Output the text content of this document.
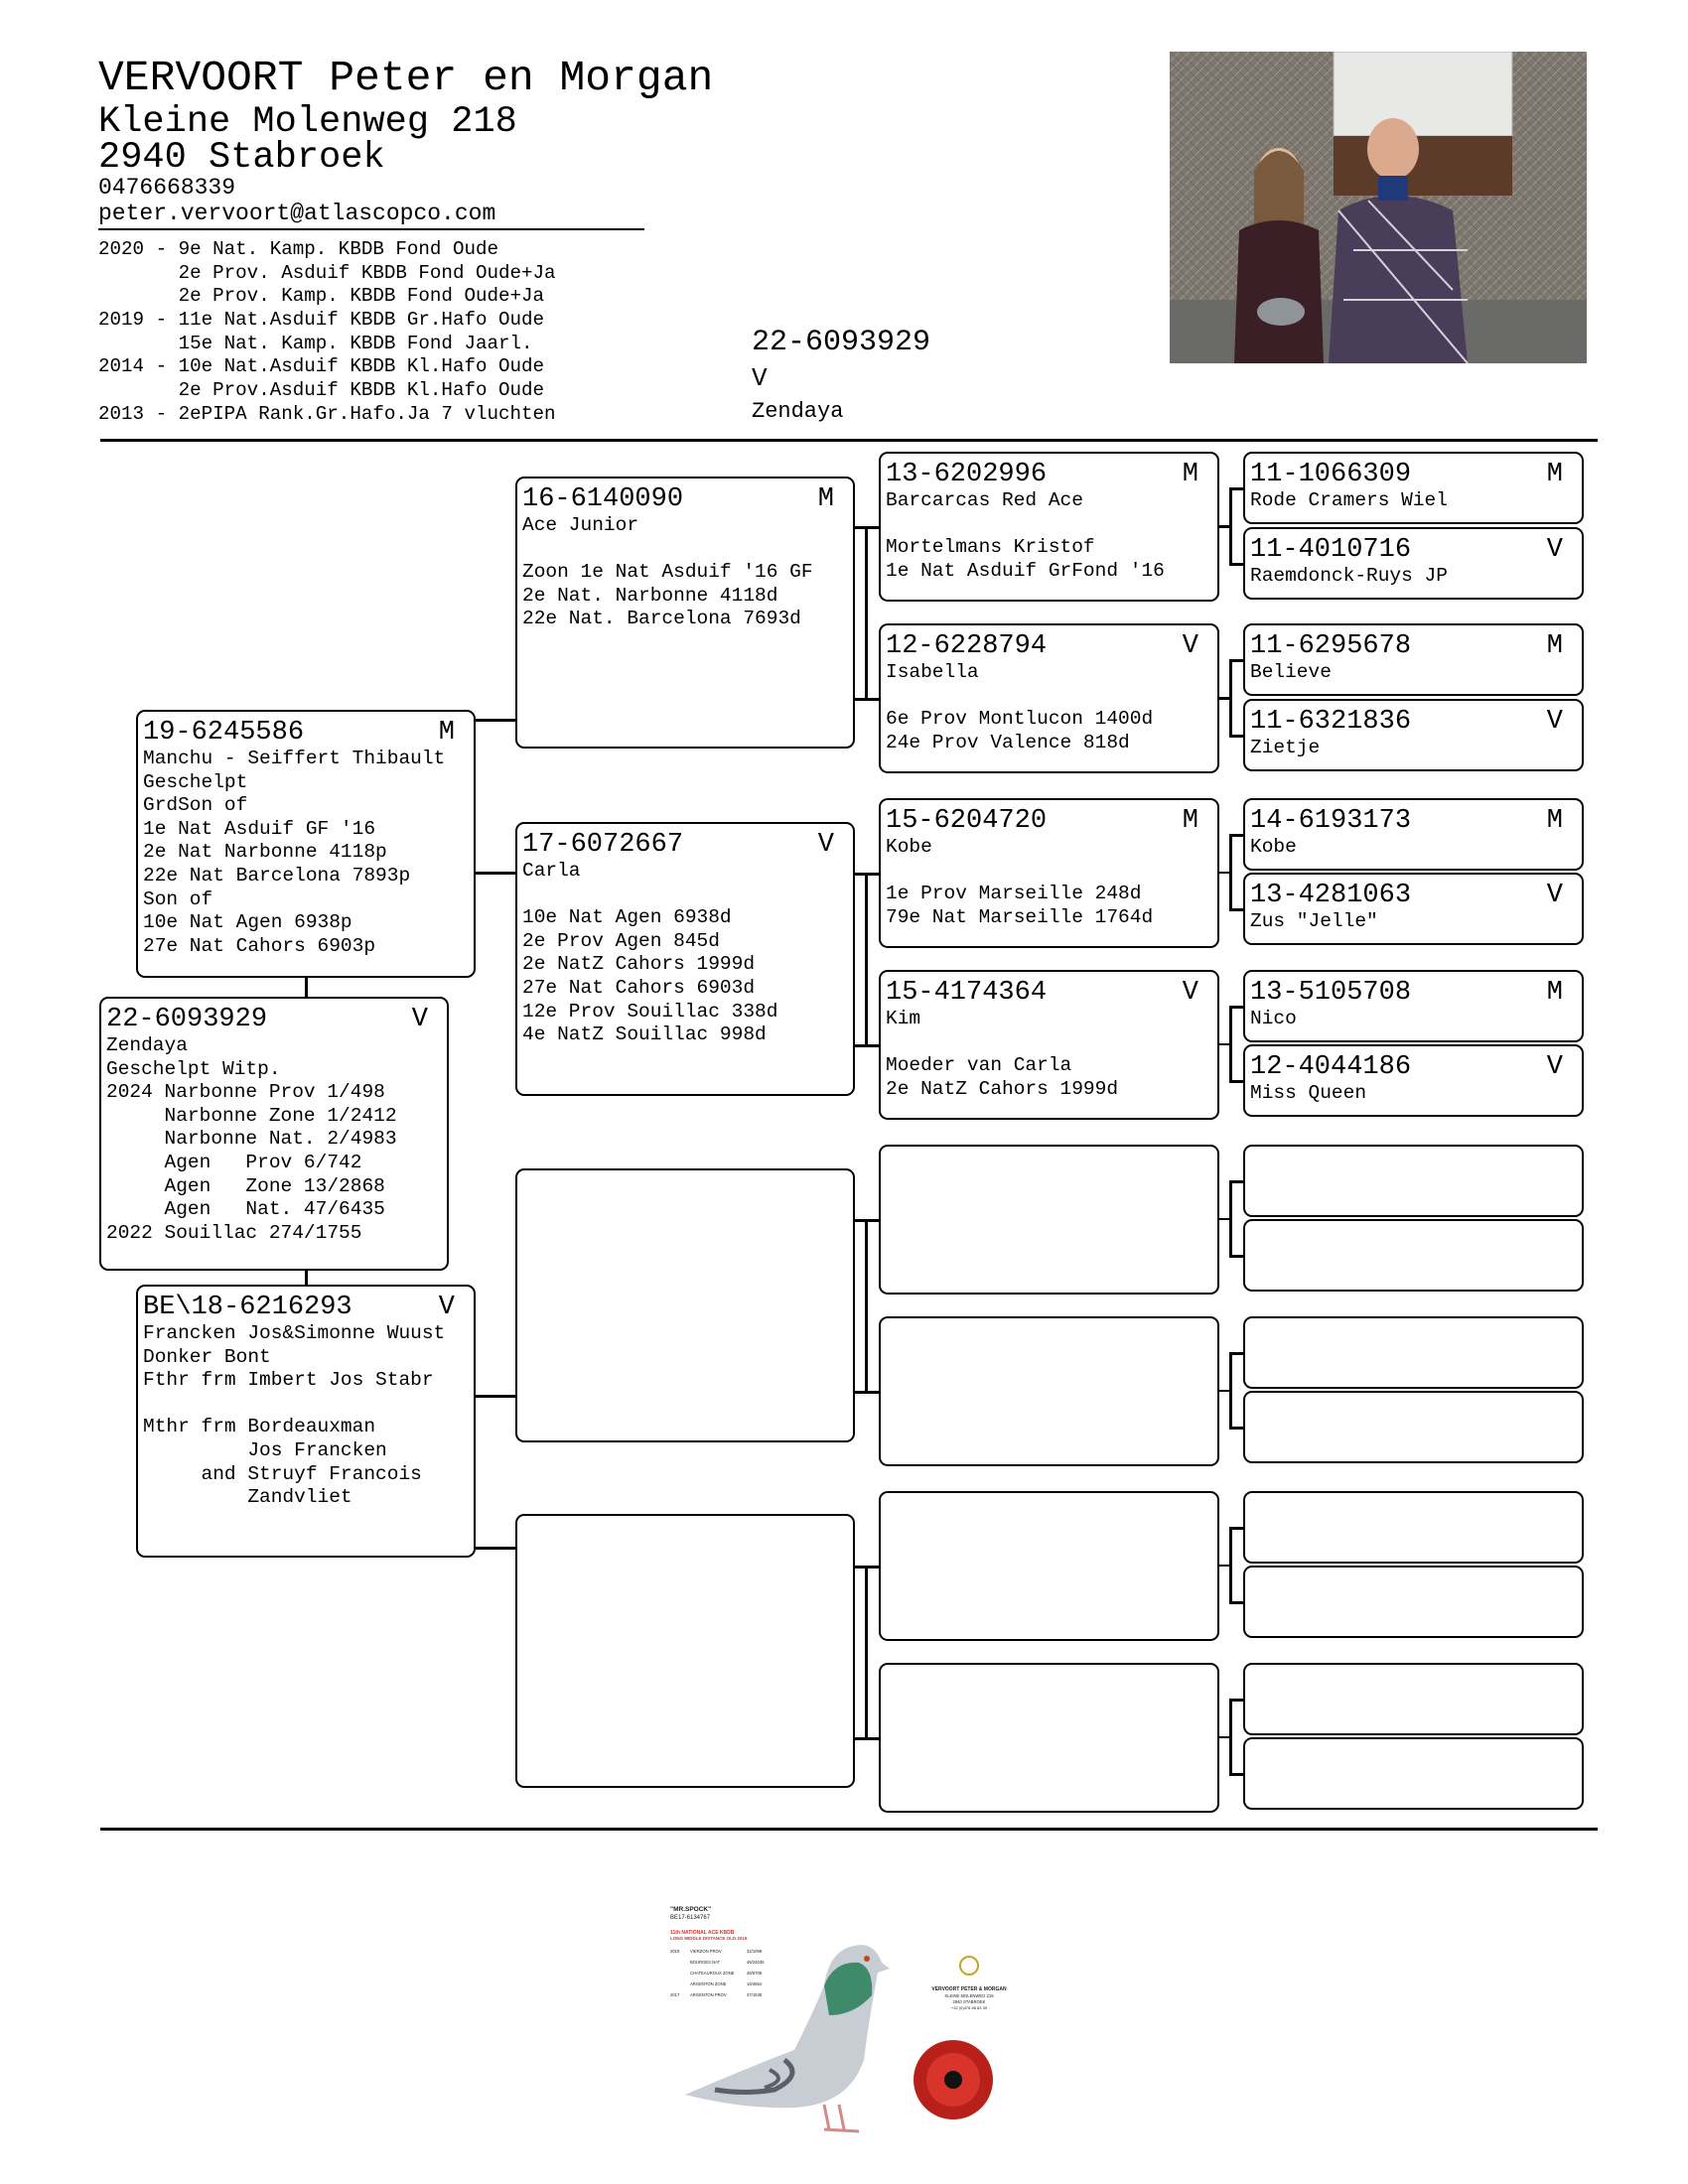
VERVOORT Peter en Morgan
Kleine Molenweg 218
2940 Stabroek
0476668339
peter.vervoort@atlascopco.com
2020 - 9e Nat. Kamp. KBDB Fond Oude
2e Prov. Asduif KBDB Fond Oude+Ja
2e Prov. Kamp. KBDB Fond Oude+Ja
2019 - 11e Nat.Asduif KBDB Gr.Hafo Oude
15e Nat. Kamp. KBDB Fond Jaarl.
2014 - 10e Nat.Asduif KBDB Kl.Hafo Oude
2e Prov.Asduif KBDB Kl.Hafo Oude
2013 - 2ePIPA Rank.Gr.Hafo.Ja 7 vluchten
22-6093929
V
Zendaya
19-6245586	M
Manchu - Seiffert Thibault
Geschelpt
GrdSon of
1e Nat Asduif GF '16
2e Nat Narbonne 4118p
22e Nat Barcelona 7893p
Son of
10e Nat Agen 6938p
27e Nat Cahors 6903p
22-6093929	V
Zendaya
Geschelpt Witp.
2024 Narbonne Prov 1/498
Narbonne Zone 1/2412
Narbonne Nat. 2/4983
Agen   Prov 6/742
Agen   Zone 13/2868
Agen   Nat. 47/6435
2022 Souillac 274/1755
BE\18-6216293	V
Francken Jos&Simonne Wuust
Donker Bont
Fthr frm Imbert Jos Stabr
Mthr frm Bordeauxman
Jos Francken
and Struyf Francois
Zandvliet
16-6140090	M
Ace Junior
Zoon 1e Nat Asduif '16 GF
2e Nat. Narbonne 4118d
22e Nat. Barcelona 7693d
17-6072667	V
Carla
10e Nat Agen 6938d
2e Prov Agen 845d
2e NatZ Cahors 1999d
27e Nat Cahors 6903d
12e Prov Souillac 338d
4e NatZ Souillac 998d
13-6202996	M
Barcarcas Red Ace
Mortelmans Kristof
1e Nat Asduif GrFond '16
12-6228794	V
Isabella
6e Prov Montlucon 1400d
24e Prov Valence 818d
15-6204720	M
Kobe
1e Prov Marseille 248d
79e Nat Marseille 1764d
15-4174364	V
Kim
Moeder van Carla
2e NatZ Cahors 1999d
11-1066309	M
Rode Cramers Wiel
11-4010716	V
Raemdonck-Ruys JP
11-6295678	M
Believe
11-6321836	V
Zietje
14-6193173	M
Kobe
13-4281063	V
Zus "Jelle"
13-5105708	M
Nico
12-4044186	V
Miss Queen
"MR.SPOCK"
BE17-6134767
11th NATIONAL ACE KBDB
LONG MIDDLE DISTANCE OLD 2019
2019	VIERZON PROV	32/1098
BOURGES NAT	46/24035
CHATEAUROUX ZONE	46/5709
ARGENTON ZONE	16/4554
2017	ARGENTON PROV	37/1538
VERVOORT PETER & MORGAN
KLEINE MOLENWEG 218
2940 STABROEK
+32 (0)476 66 83 39
